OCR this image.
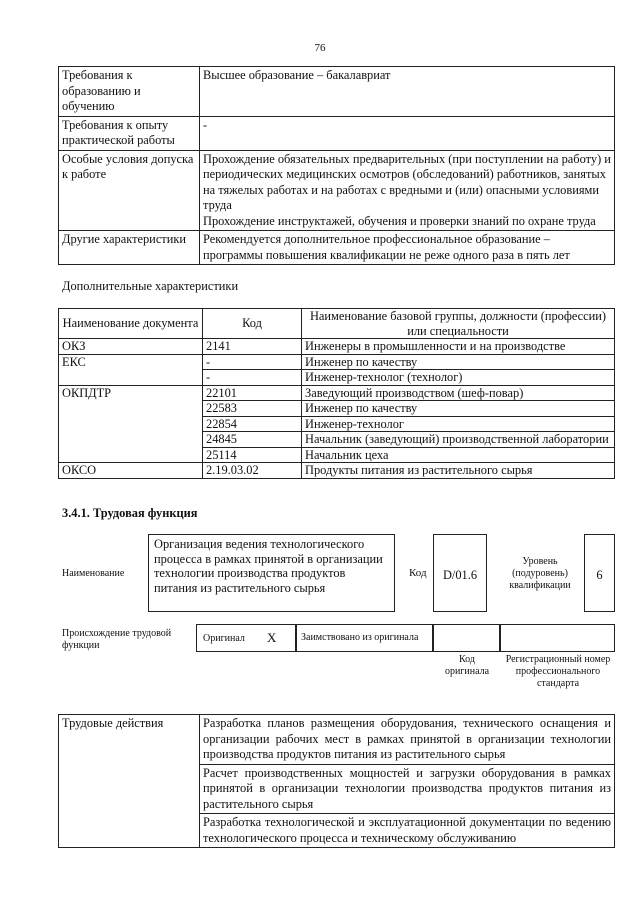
76
Требования к образованию и обучению	Высшее образование – бакалавриат
Требования к опыту практической работы	-
Особые условия допуска к работе	Прохождение обязательных предварительных (при поступлении на работу) и периодических медицинских осмотров (обследований) работников, занятых на тяжелых работах и на работах с вредными и (или) опасными условиями труда
Прохождение инструктажей, обучения и проверки знаний по охране труда

Другие характеристики	Рекомендуется дополнительное профессиональное образование – программы повышения квалификации не реже одного раза в пять лет
Дополнительные характеристики
Наименование документа	Код	Наименование базовой группы, должности (профессии) или специальности
ОКЗ	2141	Инженеры в промышленности и на производстве
ЕКС	-	Инженер по качеству
	-	Инженер-технолог (технолог)
ОКПДТР	22101	Заведующий производством (шеф-повар)
	22583	Инженер по качеству
	22854	Инженер-технолог
	24845	Начальник (заведующий) производственной лаборатории
	25114	Начальник цеха
ОКСО	2.19.03.02	Продукты питания из растительного сырья
3.4.1. Трудовая функция
Наименование
Организация ведения технологического процесса в рамках принятой в организации технологии производства продуктов питания из растительного сырья
Код	D/01.6
Уровень (подуровень) квалификации
6
Происхождение трудовой функции
Оригинал X	Заимствовано из оригинала
Код оригинала
Регистрационный номер профессионального стандарта
Трудовые действия	Разработка планов размещения оборудования, технического оснащения и организации рабочих мест в рамках принятой в организации технологии производства продуктов питания из растительного сырья
Расчет производственных мощностей и загрузки оборудования в рамках принятой в организации технологии производства продуктов питания из растительного сырья
Разработка технологической и эксплуатационной документации по ведению технологического процесса и техническому обслуживанию
